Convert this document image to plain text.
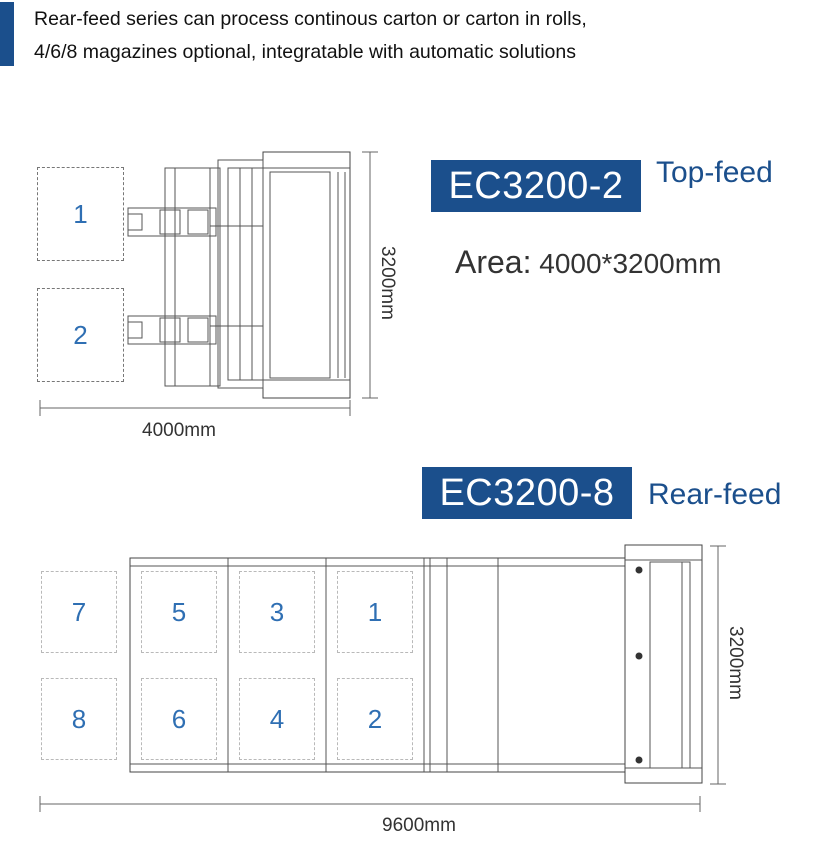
Rear-feed series can process continous carton or carton in rolls,
4/6/8 magazines optional, integratable with automatic solutions
1
2
EC3200-2	Top-feed
Area: 4000*3200mm
4000mm
3200mm
EC3200-8	Rear-feed
7	5	3	1
8	6	4	2
9600mm
3200mm
